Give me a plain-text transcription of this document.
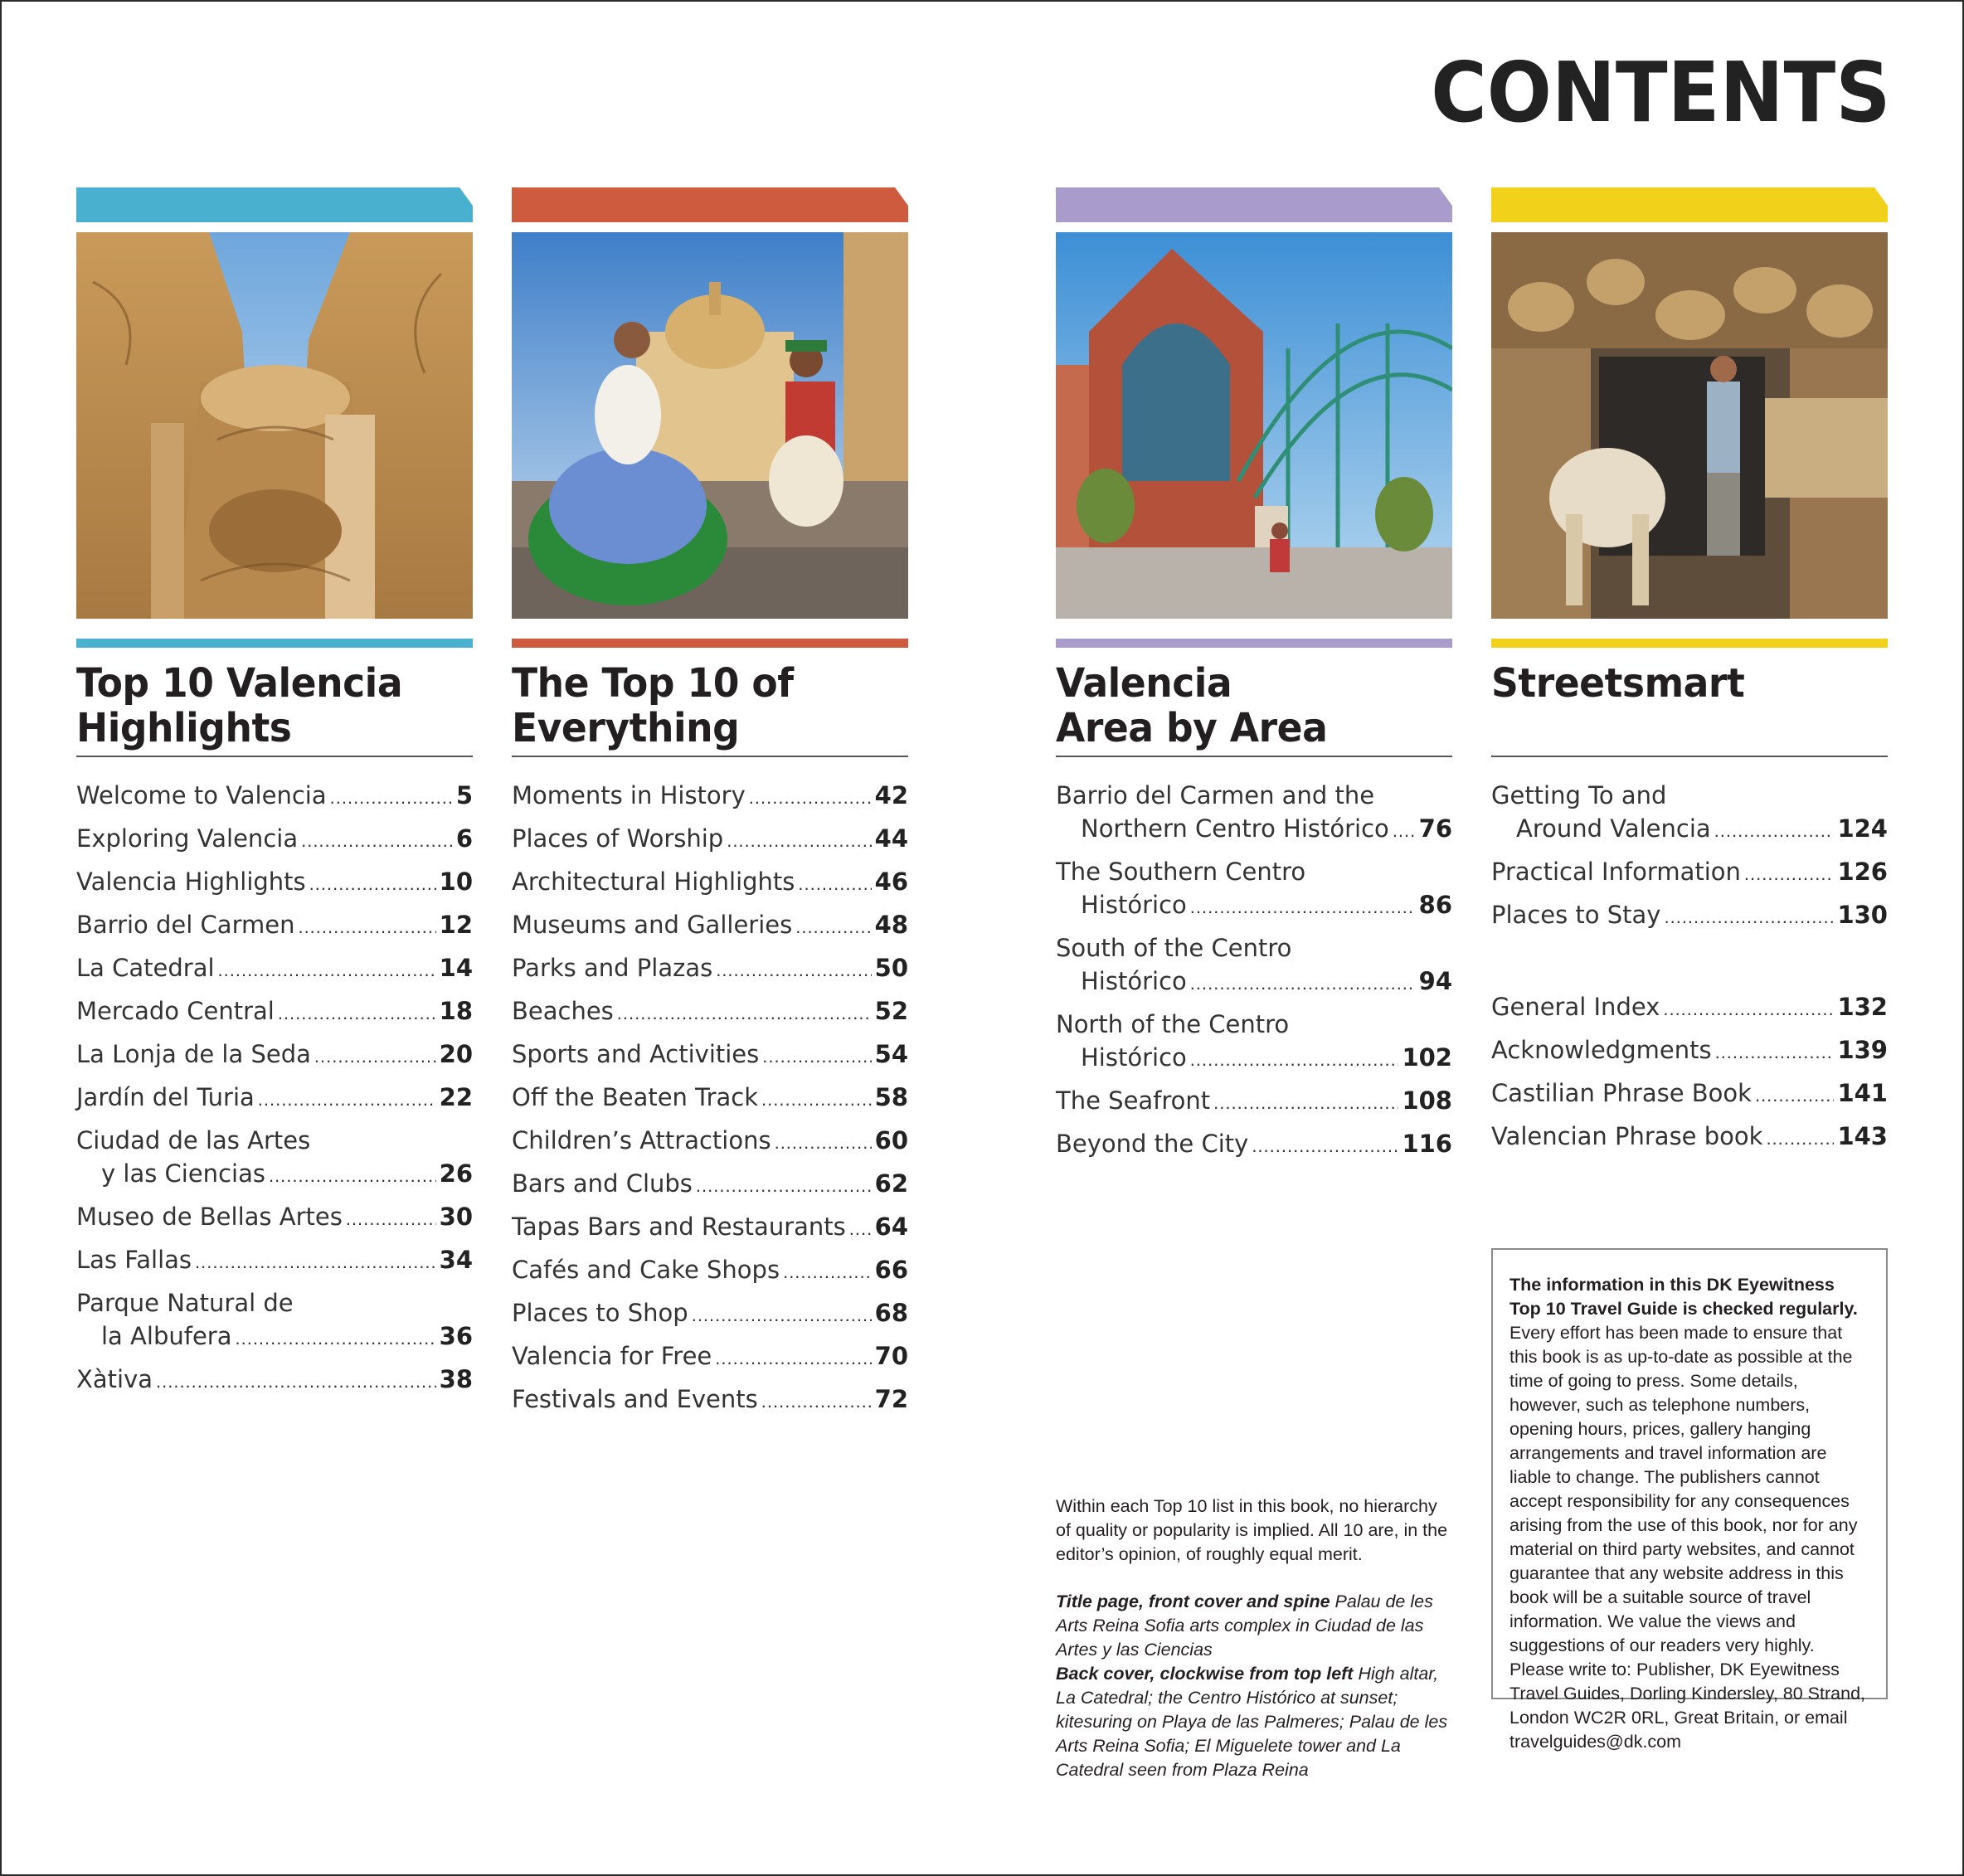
CONTENTS
Top 10 Valencia
Highlights
Welcome to Valencia .....	5
Exploring Valencia .....	6
Valencia Highlights .....	10
Barrio del Carmen .....	12
La Catedral .....	14
Mercado Central .....	18
La Lonja de la Seda .....	20
Jardín del Turia .....	22
Ciudad de las Artes
y las Ciencias .....	26
Museo de Bellas Artes .....	30
Las Fallas .....	34
Parque Natural de
la Albufera .....	36
Xàtiva .....	38
The Top 10 of
Everything
Moments in History .....	42
Places of Worship .....	44
Architectural Highlights .....	46
Museums and Galleries .....	48
Parks and Plazas .....	50
Beaches .....	52
Sports and Activities .....	54
Off the Beaten Track .....	58
Children’s Attractions .....	60
Bars and Clubs .....	62
Tapas Bars and Restaurants ..... 64
Cafés and Cake Shops .....	66
Places to Shop .....	68
Valencia for Free .....	70
Festivals and Events .....	72
Valencia
Area by Area
Barrio del Carmen and the
Northern Centro Histórico ..... 76
The Southern Centro
Histórico .....	86
South of the Centro
Histórico .....	94
North of the Centro
Histórico .....	102
The Seafront .....	108
Beyond the City .....	116
Streetsmart
Getting To and
Around Valencia .....	124
Practical Information .....	126
Places to Stay .....	130
General Index .....	132
Acknowledgments .....	139
Castilian Phrase Book .....	141
Valencian Phrase book .....	143

Within each Top 10 list in this book, no hierarchy of quality or popularity is implied. All 10 are, in the editor’s opinion, of roughly equal merit.

Title page, front cover and spine Palau de les Arts Reina Sofia arts complex in Ciudad de las Artes y las Ciencias

Back cover, clockwise from top left High altar, La Catedral; the Centro Histórico at sunset; kitesuring on Playa de las Palmeres; Palau de les Arts Reina Sofia; El Miguelete tower and La Catedral seen from Plaza Reina

The information in this DK Eyewitness Top 10 Travel Guide is checked regularly. Every effort has been made to ensure that this book is as up-to-date as possible at the time of going to press. Some details, however, such as telephone numbers, opening hours, prices, gallery hanging arrangements and travel information are liable to change. The publishers cannot accept responsibility for any consequences arising from the use of this book, nor for any material on third party websites, and cannot guarantee that any website address in this book will be a suitable source of travel information. We value the views and suggestions of our readers very highly. Please write to: Publisher, DK Eyewitness Travel Guides, Dorling Kindersley, 80 Strand, London WC2R 0RL, Great Britain, or email travelguides@dk.com
